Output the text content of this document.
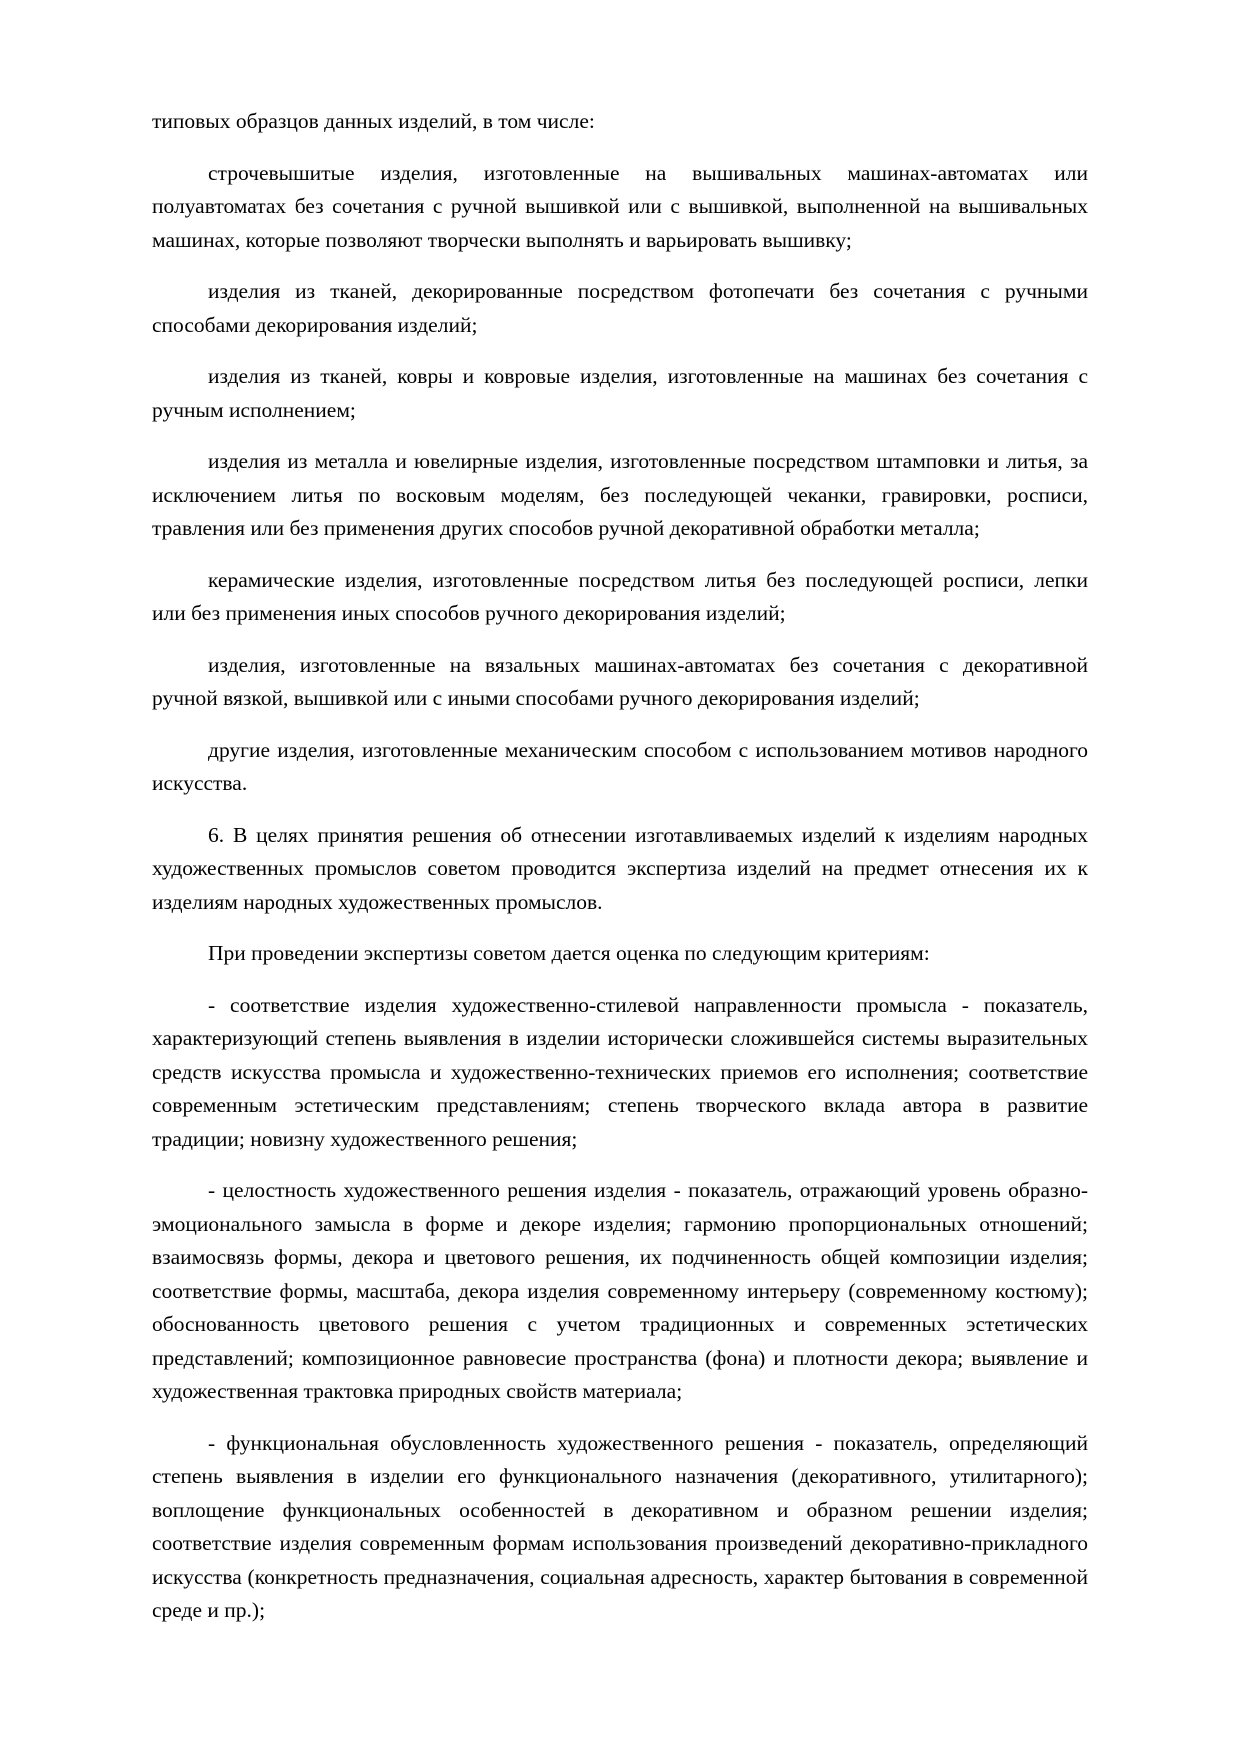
типовых образцов данных изделий, в том числе:

строчевышитые изделия, изготовленные на вышивальных машинах-автоматах или полуавтоматах без сочетания с ручной вышивкой или с вышивкой, выполненной на вышивальных машинах, которые позволяют творчески выполнять и варьировать вышивку;

изделия из тканей, декорированные посредством фотопечати без сочетания с ручными способами декорирования изделий;

изделия из тканей, ковры и ковровые изделия, изготовленные на машинах без сочетания с ручным исполнением;

изделия из металла и ювелирные изделия, изготовленные посредством штамповки и литья, за исключением литья по восковым моделям, без последующей чеканки, гравировки, росписи, травления или без применения других способов ручной декоративной обработки металла;

керамические изделия, изготовленные посредством литья без последующей росписи, лепки или без применения иных способов ручного декорирования изделий;

изделия, изготовленные на вязальных машинах-автоматах без сочетания с декоративной ручной вязкой, вышивкой или с иными способами ручного декорирования изделий;

другие изделия, изготовленные механическим способом с использованием мотивов народного искусства.

6. В целях принятия решения об отнесении изготавливаемых изделий к изделиям народных художественных промыслов советом проводится экспертиза изделий на предмет отнесения их к изделиям народных художественных промыслов.

При проведении экспертизы советом дается оценка по следующим критериям:

- соответствие изделия художественно-стилевой направленности промысла - показатель, характеризующий степень выявления в изделии исторически сложившейся системы выразительных средств искусства промысла и художественно-технических приемов его исполнения; соответствие современным эстетическим представлениям; степень творческого вклада автора в развитие традиции; новизну художественного решения;

- целостность художественного решения изделия - показатель, отражающий уровень образно-эмоционального замысла в форме и декоре изделия; гармонию пропорциональных отношений; взаимосвязь формы, декора и цветового решения, их подчиненность общей композиции изделия; соответствие формы, масштаба, декора изделия современному интерьеру (современному костюму); обоснованность цветового решения с учетом традиционных и современных эстетических представлений; композиционное равновесие пространства (фона) и плотности декора; выявление и художественная трактовка природных свойств материала;

- функциональная обусловленность художественного решения - показатель, определяющий степень выявления в изделии его функционального назначения (декоративного, утилитарного); воплощение функциональных особенностей в декоративном и образном решении изделия; соответствие изделия современным формам использования произведений декоративно-прикладного искусства (конкретность предназначения, социальная адресность, характер бытования в современной среде и пр.);
